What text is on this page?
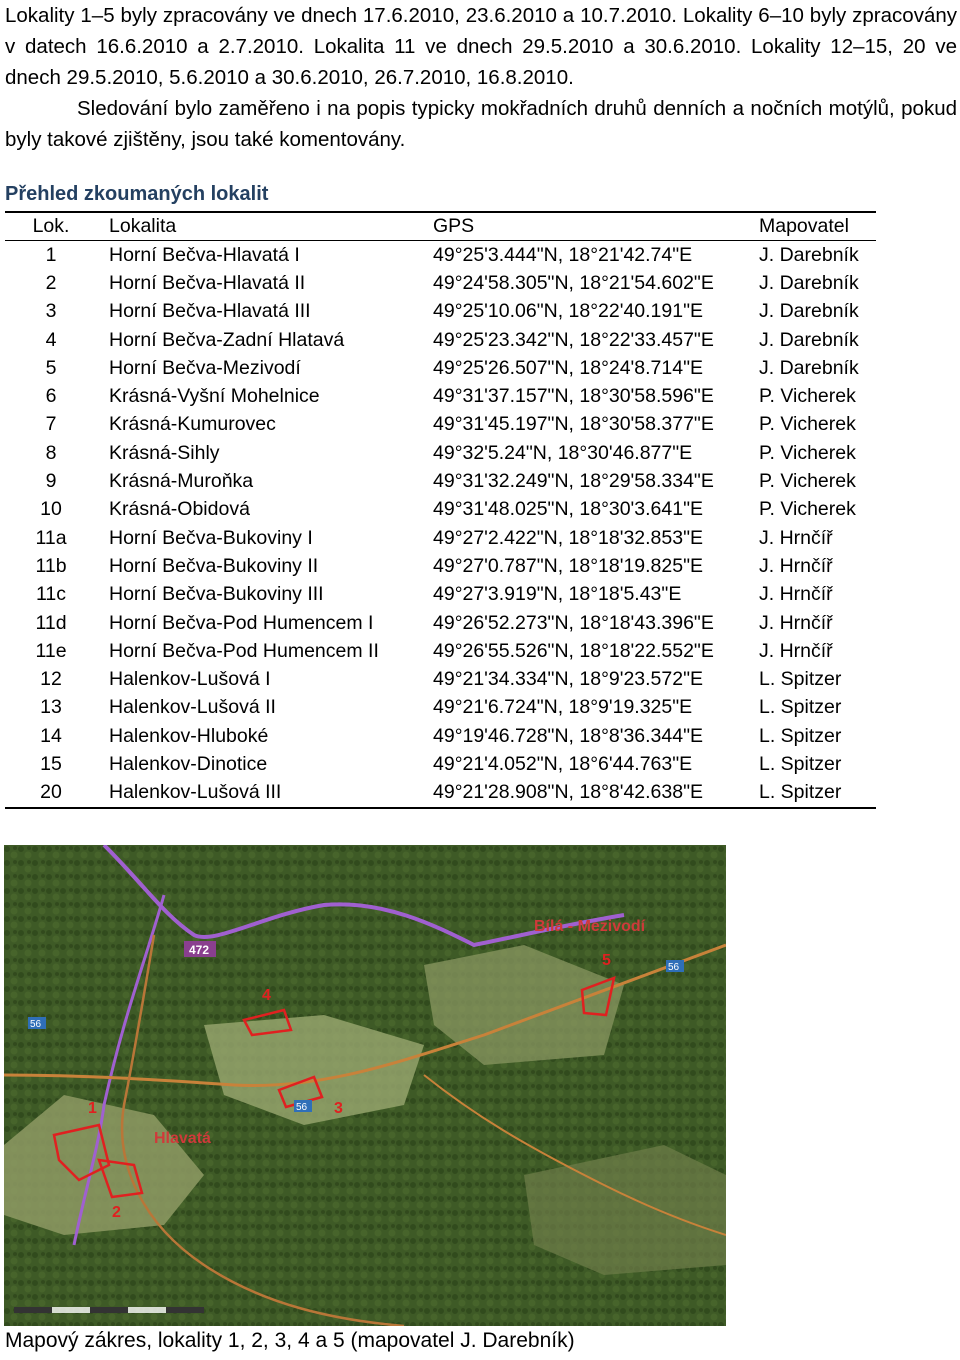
Lokality 1–5 byly zpracovány ve dnech 17.6.2010, 23.6.2010 a 10.7.2010. Lokality 6–10 byly zpracovány v datech 16.6.2010 a 2.7.2010. Lokalita 11 ve dnech 29.5.2010 a 30.6.2010. Lokality 12–15, 20 ve dnech 29.5.2010, 5.6.2010 a 30.6.2010, 26.7.2010, 16.8.2010.

Sledování bylo zaměřeno i na popis typicky mokřadních druhů denních a nočních motýlů, pokud byly takové zjištěny, jsou také komentovány.

Přehled zkoumaných lokalit
Lok.	Lokalita	GPS	Mapovatel
1	Horní Bečva-Hlavatá I	49°25'3.444"N, 18°21'42.74"E	J. Darebník
2	Horní Bečva-Hlavatá II	49°24'58.305"N, 18°21'54.602"E	J. Darebník
3	Horní Bečva-Hlavatá III	49°25'10.06"N, 18°22'40.191"E	J. Darebník
4	Horní Bečva-Zadní Hlatavá	49°25'23.342"N, 18°22'33.457"E	J. Darebník
5	Horní Bečva-Mezivodí	49°25'26.507"N, 18°24'8.714"E	J. Darebník
6	Krásná-Vyšní Mohelnice	49°31'37.157"N, 18°30'58.596"E	P. Vicherek
7	Krásná-Kumurovec	49°31'45.197"N, 18°30'58.377"E	P. Vicherek
8	Krásná-Sihly	49°32'5.24"N, 18°30'46.877"E	P. Vicherek
9	Krásná-Muroňka	49°31'32.249"N, 18°29'58.334"E	P. Vicherek
10	Krásná-Obidová	49°31'48.025"N, 18°30'3.641"E	P. Vicherek
11a	Horní Bečva-Bukoviny I	49°27'2.422"N, 18°18'32.853"E	J. Hrnčíř
11b	Horní Bečva-Bukoviny II	49°27'0.787"N, 18°18'19.825"E	J. Hrnčíř
11c	Horní Bečva-Bukoviny III	49°27'3.919"N, 18°18'5.43"E	J. Hrnčíř
11d	Horní Bečva-Pod Humencem I	49°26'52.273"N, 18°18'43.396"E	J. Hrnčíř
11e	Horní Bečva-Pod Humencem II	49°26'55.526"N, 18°18'22.552"E	J. Hrnčíř
12	Halenkov-Lušová I	49°21'34.334"N, 18°9'23.572"E	L. Spitzer
13	Halenkov-Lušová II	49°21'6.724"N, 18°9'19.325"E	L. Spitzer
14	Halenkov-Hluboké	49°19'46.728"N, 18°8'36.344"E	L. Spitzer
15	Halenkov-Dinotice	49°21'4.052"N, 18°6'44.763"E	L. Spitzer
20	Halenkov-Lušová III	49°21'28.908"N, 18°8'42.638"E	L. Spitzer
1
2
3
4
5
Bílá - Mezivodí
Hlavatá
472
56
56
56
Mapový zákres, lokality 1, 2, 3, 4 a 5 (mapovatel J. Darebník)
